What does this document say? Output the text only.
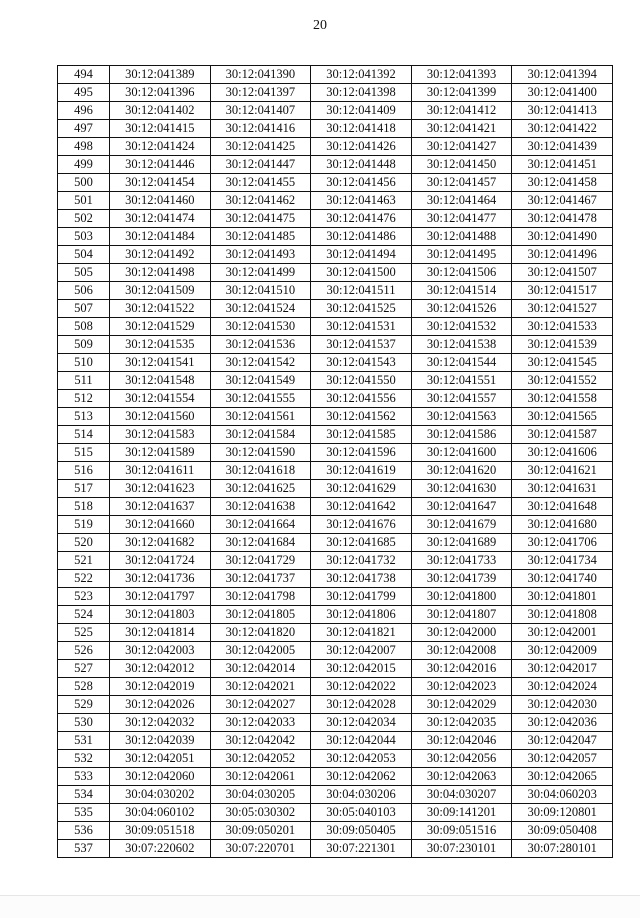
20
494	30:12:041389	30:12:041390	30:12:041392	30:12:041393	30:12:041394
495	30:12:041396	30:12:041397	30:12:041398	30:12:041399	30:12:041400
496	30:12:041402	30:12:041407	30:12:041409	30:12:041412	30:12:041413
497	30:12:041415	30:12:041416	30:12:041418	30:12:041421	30:12:041422
498	30:12:041424	30:12:041425	30:12:041426	30:12:041427	30:12:041439
499	30:12:041446	30:12:041447	30:12:041448	30:12:041450	30:12:041451
500	30:12:041454	30:12:041455	30:12:041456	30:12:041457	30:12:041458
501	30:12:041460	30:12:041462	30:12:041463	30:12:041464	30:12:041467
502	30:12:041474	30:12:041475	30:12:041476	30:12:041477	30:12:041478
503	30:12:041484	30:12:041485	30:12:041486	30:12:041488	30:12:041490
504	30:12:041492	30:12:041493	30:12:041494	30:12:041495	30:12:041496
505	30:12:041498	30:12:041499	30:12:041500	30:12:041506	30:12:041507
506	30:12:041509	30:12:041510	30:12:041511	30:12:041514	30:12:041517
507	30:12:041522	30:12:041524	30:12:041525	30:12:041526	30:12:041527
508	30:12:041529	30:12:041530	30:12:041531	30:12:041532	30:12:041533
509	30:12:041535	30:12:041536	30:12:041537	30:12:041538	30:12:041539
510	30:12:041541	30:12:041542	30:12:041543	30:12:041544	30:12:041545
511	30:12:041548	30:12:041549	30:12:041550	30:12:041551	30:12:041552
512	30:12:041554	30:12:041555	30:12:041556	30:12:041557	30:12:041558
513	30:12:041560	30:12:041561	30:12:041562	30:12:041563	30:12:041565
514	30:12:041583	30:12:041584	30:12:041585	30:12:041586	30:12:041587
515	30:12:041589	30:12:041590	30:12:041596	30:12:041600	30:12:041606
516	30:12:041611	30:12:041618	30:12:041619	30:12:041620	30:12:041621
517	30:12:041623	30:12:041625	30:12:041629	30:12:041630	30:12:041631
518	30:12:041637	30:12:041638	30:12:041642	30:12:041647	30:12:041648
519	30:12:041660	30:12:041664	30:12:041676	30:12:041679	30:12:041680
520	30:12:041682	30:12:041684	30:12:041685	30:12:041689	30:12:041706
521	30:12:041724	30:12:041729	30:12:041732	30:12:041733	30:12:041734
522	30:12:041736	30:12:041737	30:12:041738	30:12:041739	30:12:041740
523	30:12:041797	30:12:041798	30:12:041799	30:12:041800	30:12:041801
524	30:12:041803	30:12:041805	30:12:041806	30:12:041807	30:12:041808
525	30:12:041814	30:12:041820	30:12:041821	30:12:042000	30:12:042001
526	30:12:042003	30:12:042005	30:12:042007	30:12:042008	30:12:042009
527	30:12:042012	30:12:042014	30:12:042015	30:12:042016	30:12:042017
528	30:12:042019	30:12:042021	30:12:042022	30:12:042023	30:12:042024
529	30:12:042026	30:12:042027	30:12:042028	30:12:042029	30:12:042030
530	30:12:042032	30:12:042033	30:12:042034	30:12:042035	30:12:042036
531	30:12:042039	30:12:042042	30:12:042044	30:12:042046	30:12:042047
532	30:12:042051	30:12:042052	30:12:042053	30:12:042056	30:12:042057
533	30:12:042060	30:12:042061	30:12:042062	30:12:042063	30:12:042065
534	30:04:030202	30:04:030205	30:04:030206	30:04:030207	30:04:060203
535	30:04:060102	30:05:030302	30:05:040103	30:09:141201	30:09:120801
536	30:09:051518	30:09:050201	30:09:050405	30:09:051516	30:09:050408
537	30:07:220602	30:07:220701	30:07:221301	30:07:230101	30:07:280101
